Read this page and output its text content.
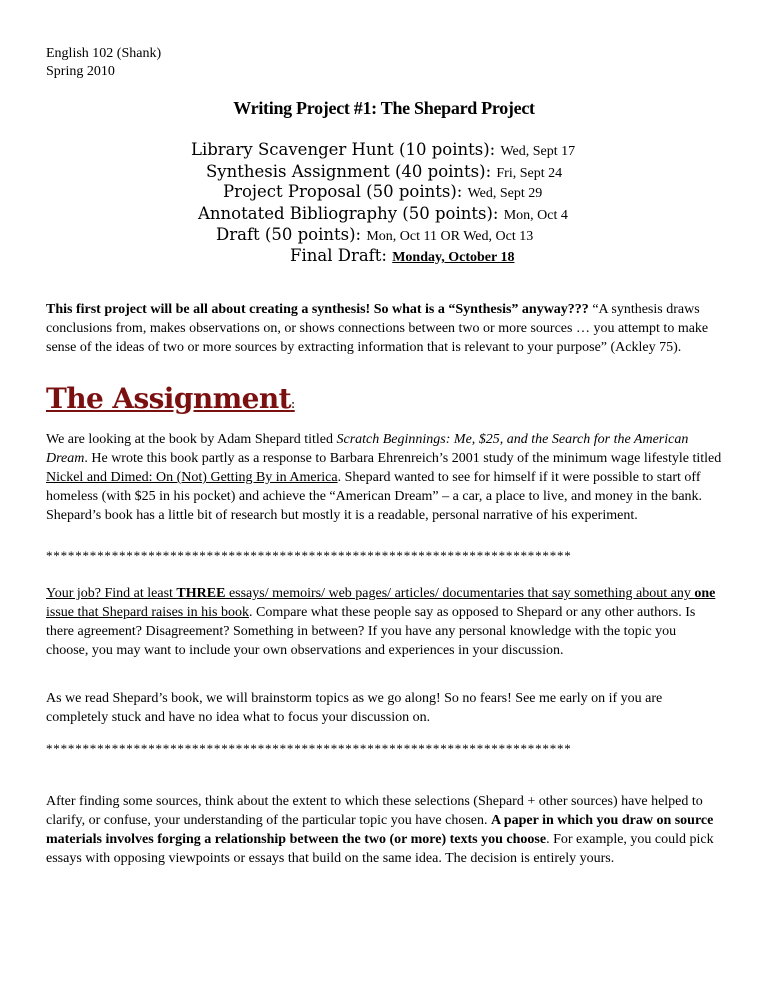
English 102 (Shank)
Spring 2010
Writing Project #1: The Shepard Project
Library Scavenger Hunt (10 points): Wed, Sept 17
Synthesis Assignment (40 points): Fri, Sept 24
Project Proposal (50 points): Wed, Sept 29
Annotated Bibliography (50 points): Mon, Oct 4
Draft (50 points): Mon, Oct 11 OR Wed, Oct 13
Final Draft: Monday, October 18
This first project will be all about creating a synthesis! So what is a “Synthesis” anyway??? “A synthesis draws conclusions from, makes observations on, or shows connections between two or more sources … you attempt to make sense of the ideas of two or more sources by extracting information that is relevant to your purpose” (Ackley 75).
The Assignment:
We are looking at the book by Adam Shepard titled Scratch Beginnings: Me, $25, and the Search for the American Dream. He wrote this book partly as a response to Barbara Ehrenreich’s 2001 study of the minimum wage lifestyle titled Nickel and Dimed: On (Not) Getting By in America. Shepard wanted to see for himself if it were possible to start off homeless (with $25 in his pocket) and achieve the “American Dream” – a car, a place to live, and money in the bank. Shepard’s book has a little bit of research but mostly it is a readable, personal narrative of his experiment.
************************************************************************
Your job? Find at least THREE essays/ memoirs/ web pages/ articles/ documentaries that say something about any one issue that Shepard raises in his book. Compare what these people say as opposed to Shepard or any other authors. Is there agreement? Disagreement? Something in between? If you have any personal knowledge with the topic you choose, you may want to include your own observations and experiences in your discussion.
As we read Shepard’s book, we will brainstorm topics as we go along! So no fears! See me early on if you are completely stuck and have no idea what to focus your discussion on.
************************************************************************
After finding some sources, think about the extent to which these selections (Shepard + other sources) have helped to clarify, or confuse, your understanding of the particular topic you have chosen. A paper in which you draw on source materials involves forging a relationship between the two (or more) texts you choose. For example, you could pick essays with opposing viewpoints or essays that build on the same idea. The decision is entirely yours.
